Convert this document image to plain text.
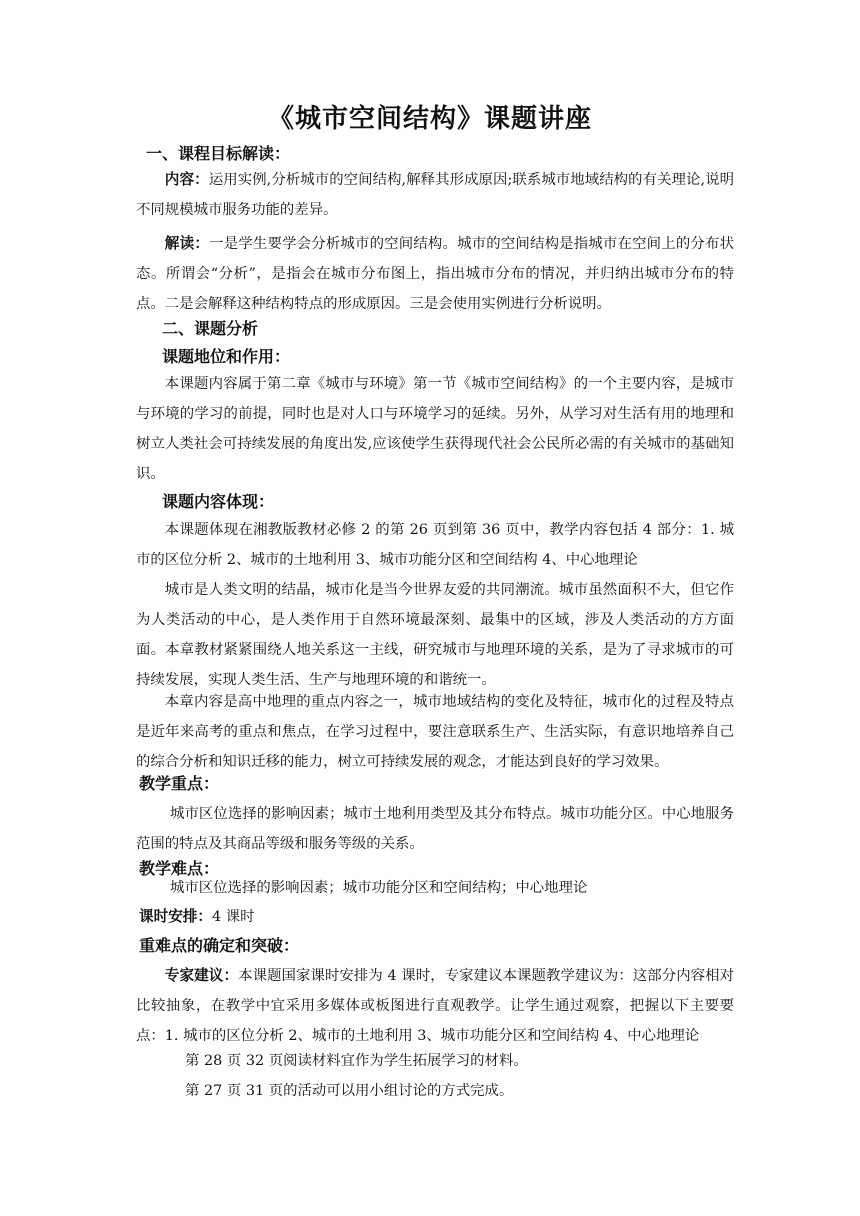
《城市空间结构》课题讲座
一、课程目标解读：

内容：运用实例,分析城市的空间结构,解释其形成原因;联系城市地域结构的有关理论,说明不同规模城市服务功能的差异。

解读：一是学生要学会分析城市的空间结构。城市的空间结构是指城市在空间上的分布状态。所谓会“分析”，是指会在城市分布图上，指出城市分布的情况，并归纳出城市分布的特点。二是会解释这种结构特点的形成原因。三是会使用实例进行分析说明。

二、课题分析
课题地位和作用：

本课题内容属于第二章《城市与环境》第一节《城市空间结构》的一个主要内容，是城市与环境的学习的前提，同时也是对人口与环境学习的延续。另外，从学习对生活有用的地理和树立人类社会可持续发展的角度出发,应该使学生获得现代社会公民所必需的有关城市的基础知识。

课题内容体现：

本课题体现在湘教版教材必修 2 的第 26 页到第 36 页中，教学内容包括 4 部分：1. 城市的区位分析 2、城市的土地利用 3、城市功能分区和空间结构 4、中心地理论

城市是人类文明的结晶，城市化是当今世界友爱的共同潮流。城市虽然面积不大，但它作为人类活动的中心，是人类作用于自然环境最深刻、最集中的区域，涉及人类活动的方方面面。本章教材紧紧围绕人地关系这一主线，研究城市与地理环境的关系，是为了寻求城市的可持续发展，实现人类生活、生产与地理环境的和谐统一。

本章内容是高中地理的重点内容之一，城市地域结构的变化及特征，城市化的过程及特点是近年来高考的重点和焦点，在学习过程中，要注意联系生产、生活实际，有意识地培养自己的综合分析和知识迁移的能力，树立可持续发展的观念，才能达到良好的学习效果。

教学重点：

城市区位选择的影响因素；城市土地利用类型及其分布特点。城市功能分区。中心地服务范围的特点及其商品等级和服务等级的关系。

教学难点：

城市区位选择的影响因素；城市功能分区和空间结构；中心地理论

课时安排：4 课时
重难点的确定和突破：

专家建议：本课题国家课时安排为 4 课时，专家建议本课题教学建议为：这部分内容相对比较抽象，在教学中宜采用多媒体或板图进行直观教学。让学生通过观察，把握以下主要要点：1. 城市的区位分析 2、城市的土地利用 3、城市功能分区和空间结构 4、中心地理论

第 28 页 32 页阅读材料宜作为学生拓展学习的材料。
第 27 页 31 页的活动可以用小组讨论的方式完成。
